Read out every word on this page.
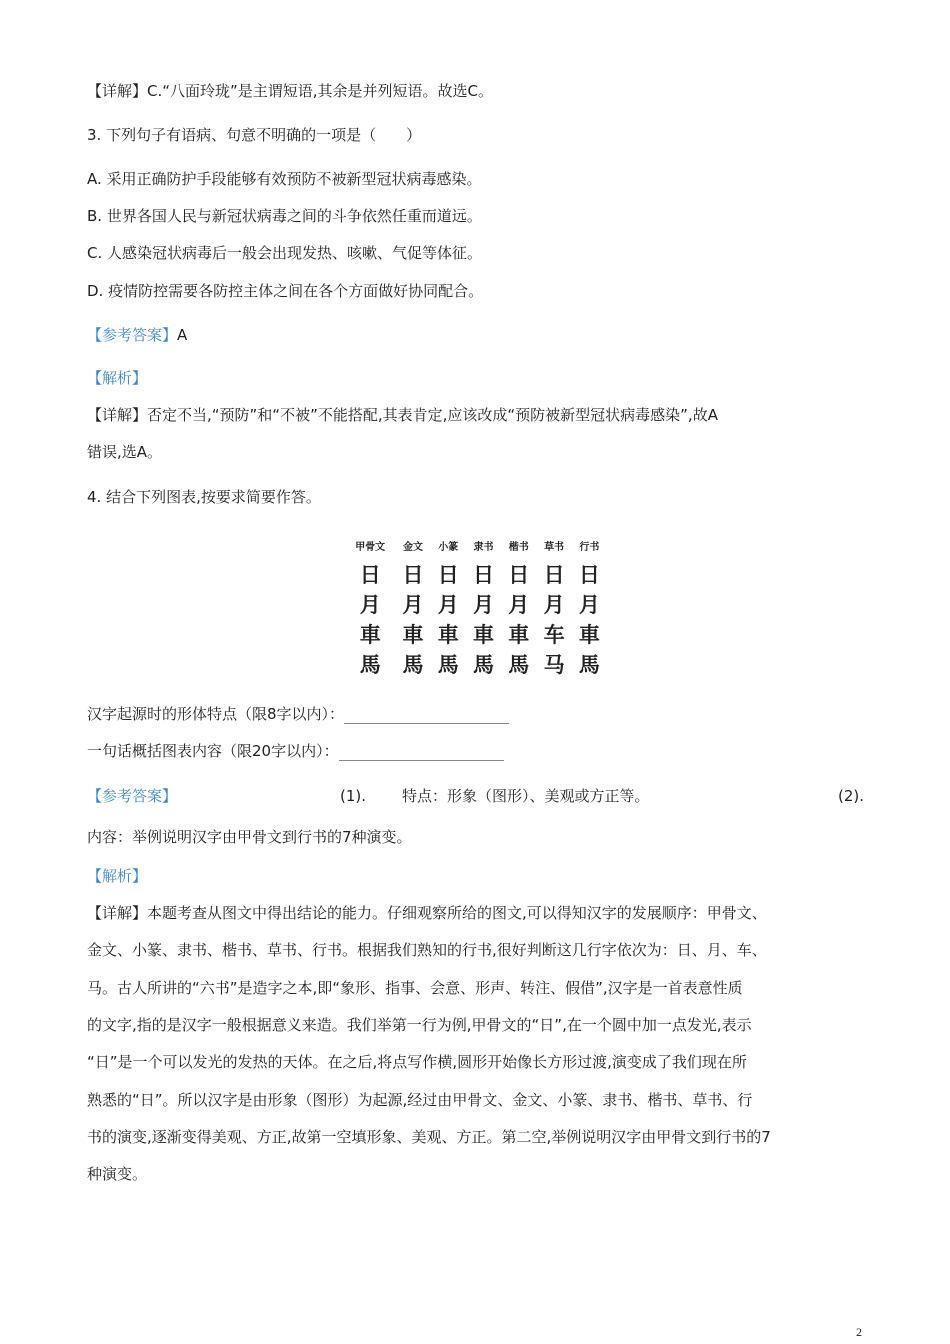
【详解】C.“八面玲珑”是主谓短语,其余是并列短语。故选C。
3. 下列句子有语病、句意不明确的一项是（　　）
A. 采用正确防护手段能够有效预防不被新型冠状病毒感染。
B. 世界各国人民与新冠状病毒之间的斗争依然任重而道远。
C. 人感染冠状病毒后一般会出现发热、咳嗽、气促等体征。
D. 疫情防控需要各防控主体之间在各个方面做好协同配合。
【参考答案】A
【解析】
【详解】否定不当,“预防”和“不被”不能搭配,其表肯定,应该改成“预防被新型冠状病毒感染”,故A
错误,选A。
4. 结合下列图表,按要求简要作答。
甲骨文	金文	小篆	隶书	楷书	草书	行书
日	日	日	日	日	日	日
月	月	月	月	月	月	月
車	車	車	車	車	车	車
馬	馬	馬	馬	馬	马	馬
汉字起源时的形体特点（限8字以内）：
一句话概括图表内容（限20字以内）：
【参考答案】	(1). 特点：形象（图形）、美观或方正等。	(2).
内容：举例说明汉字由甲骨文到行书的7种演变。
【解析】
【详解】本题考查从图文中得出结论的能力。仔细观察所给的图文,可以得知汉字的发展顺序：甲骨文、
金文、小篆、隶书、楷书、草书、行书。根据我们熟知的行书,很好判断这几行字依次为：日、月、车、
马。古人所讲的“六书”是造字之本,即“象形、指事、会意、形声、转注、假借”,汉字是一首表意性质
的文字,指的是汉字一般根据意义来造。我们举第一行为例,甲骨文的“日”,在一个圆中加一点发光,表示
“日”是一个可以发光的发热的天体。在之后,将点写作横,圆形开始像长方形过渡,演变成了我们现在所
熟悉的“日”。所以汉字是由形象（图形）为起源,经过由甲骨文、金文、小篆、隶书、楷书、草书、行
书的演变,逐渐变得美观、方正,故第一空填形象、美观、方正。第二空,举例说明汉字由甲骨文到行书的7
种演变。
2
